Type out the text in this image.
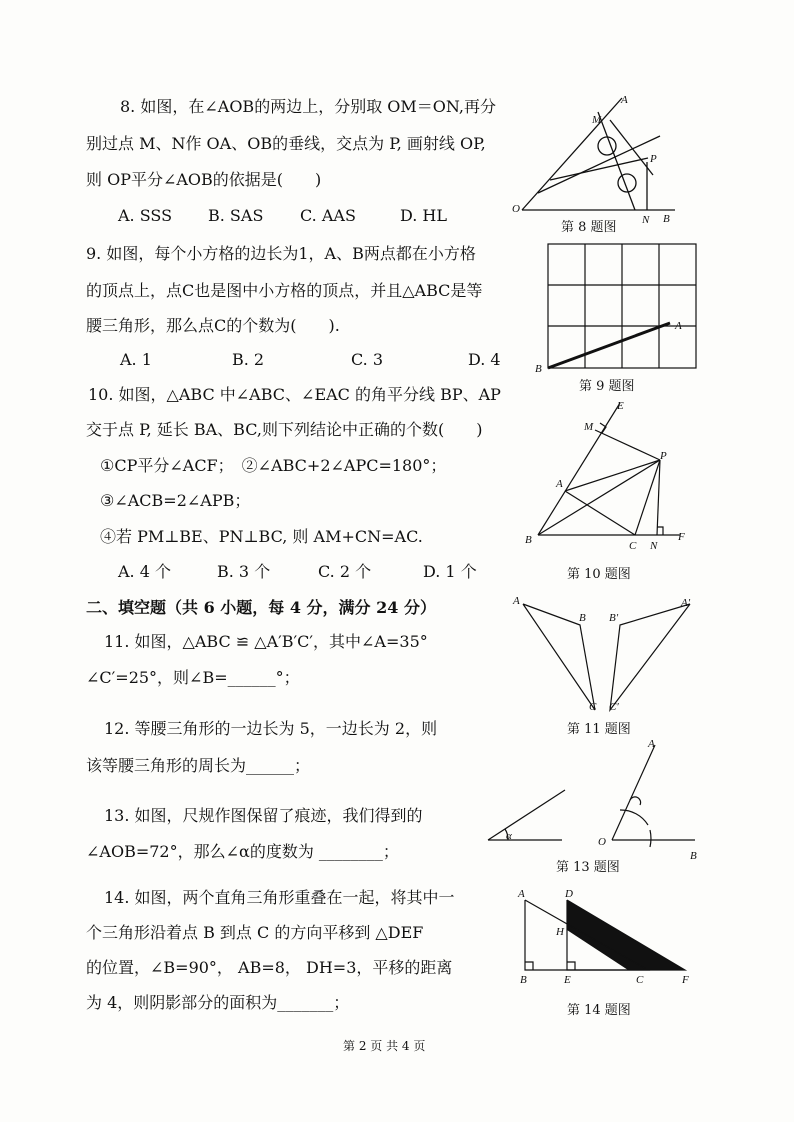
8. 如图，在∠AOB的两边上，分别取 OM＝ON,再分
别过点 M、N作 OA、OB的垂线，交点为 P, 画射线 OP,
则 OP平分∠AOB的依据是(　　)
A. SSS B. SAS C. AAS	D. HL
A
M
P
O
N B
第 8 题图
9. 如图，每个小方格的边长为1，A、B两点都在小方格
的顶点上，点C也是图中小方格的顶点，并且△ABC是等
腰三角形，那么点C的个数为(　　).
A. 1	B. 2	C. 3	D. 4
A
B
第 9 题图
10. 如图，△ABC 中∠ABC、∠EAC 的角平分线 BP、AP
交于点 P, 延长 BA、BC,则下列结论中正确的个数(　　)
①CP平分∠ACF；　②∠ABC+2∠APC=180°；
③∠ACB=2∠APB；
④若 PM⊥BE、PN⊥BC, 则 AM+CN=AC.
A. 4 个	B. 3 个	C. 2 个	D. 1 个
E
M
P
A
B	C N
F
第 10 题图
二、填空题（共 6 小题，每 4 分，满分 24 分）
11. 如图，△ABC ≌ △A′B′C′，其中∠A=35°
∠C′=25°，则∠B=______°；
A
B
C
A′
B′
C′
第 11 题图
12. 等腰三角形的一边长为 5，一边长为 2，则
该等腰三角形的周长为______；
13. 如图，尺规作图保留了痕迹，我们得到的
∠AOB=72°，那么∠α的度数为 ________；
α
A
O
B
第 13 题图
14. 如图，两个直角三角形重叠在一起，将其中一
个三角形沿着点 B 到点 C 的方向平移到 △DEF
的位置，∠B=90°， AB=8， DH=3，平移的距离
为 4，则阴影部分的面积为_______；
A	D
H
B	E	C	F
第 14 题图
第 2 页 共 4 页
